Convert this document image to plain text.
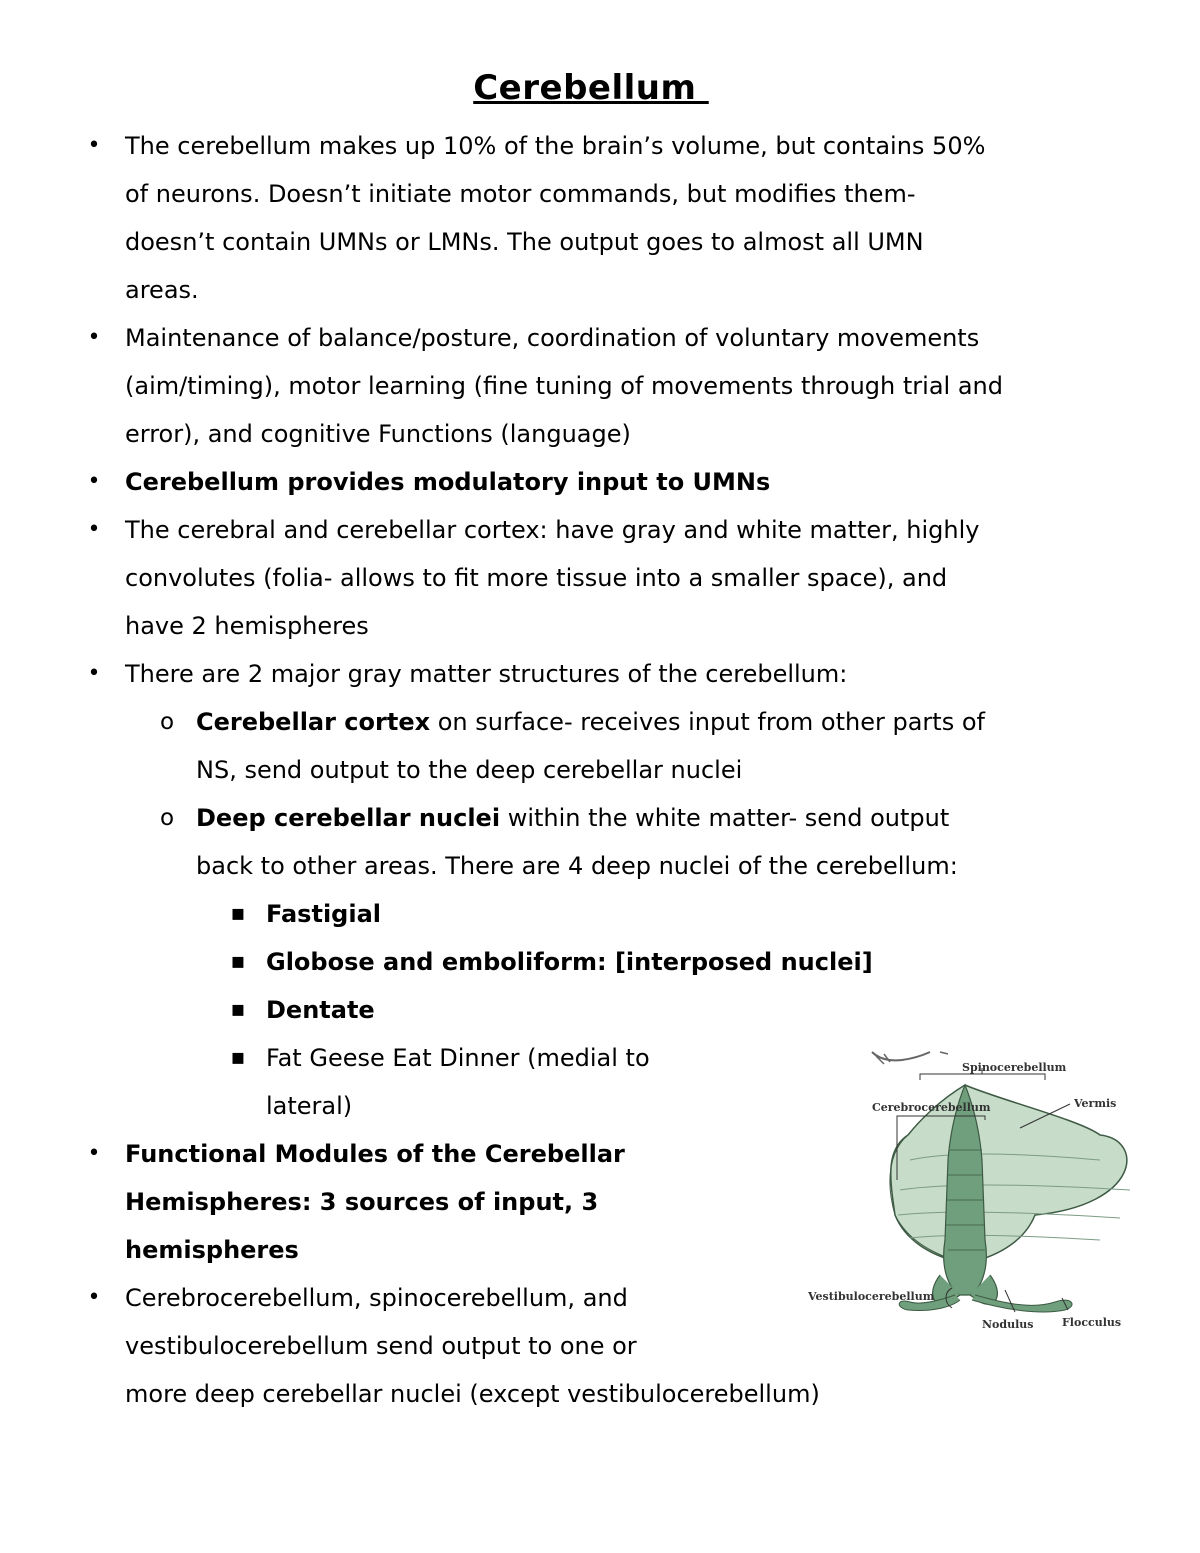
Cerebellum
• The cerebellum makes up 10% of the brain’s volume, but contains 50%
of neurons. Doesn’t initiate motor commands, but modifies them-
doesn’t contain UMNs or LMNs. The output goes to almost all UMN
areas.
• Maintenance of balance/posture, coordination of voluntary movements
(aim/timing), motor learning (fine tuning of movements through trial and
error), and cognitive Functions (language)
• Cerebellum provides modulatory input to UMNs
• The cerebral and cerebellar cortex: have gray and white matter, highly
convolutes (folia- allows to fit more tissue into a smaller space), and
have 2 hemispheres
• There are 2 major gray matter structures of the cerebellum:
o Cerebellar cortex on surface- receives input from other parts of
NS, send output to the deep cerebellar nuclei
o Deep cerebellar nuclei within the white matter- send output
back to other areas. There are 4 deep nuclei of the cerebellum:
▪ Fastigial
▪ Globose and emboliform: [interposed nuclei]
▪ Dentate
▪ Fat Geese Eat Dinner (medial to
lateral)
• Functional Modules of the Cerebellar
Hemispheres: 3 sources of input, 3
hemispheres
• Cerebrocerebellum, spinocerebellum, and
vestibulocerebellum send output to one or
more deep cerebellar nuclei (except vestibulocerebellum)
Spinocerebellum
Cerebrocerebellum	Vermis
Vestibulocerebellum
Nodulus	Flocculus
